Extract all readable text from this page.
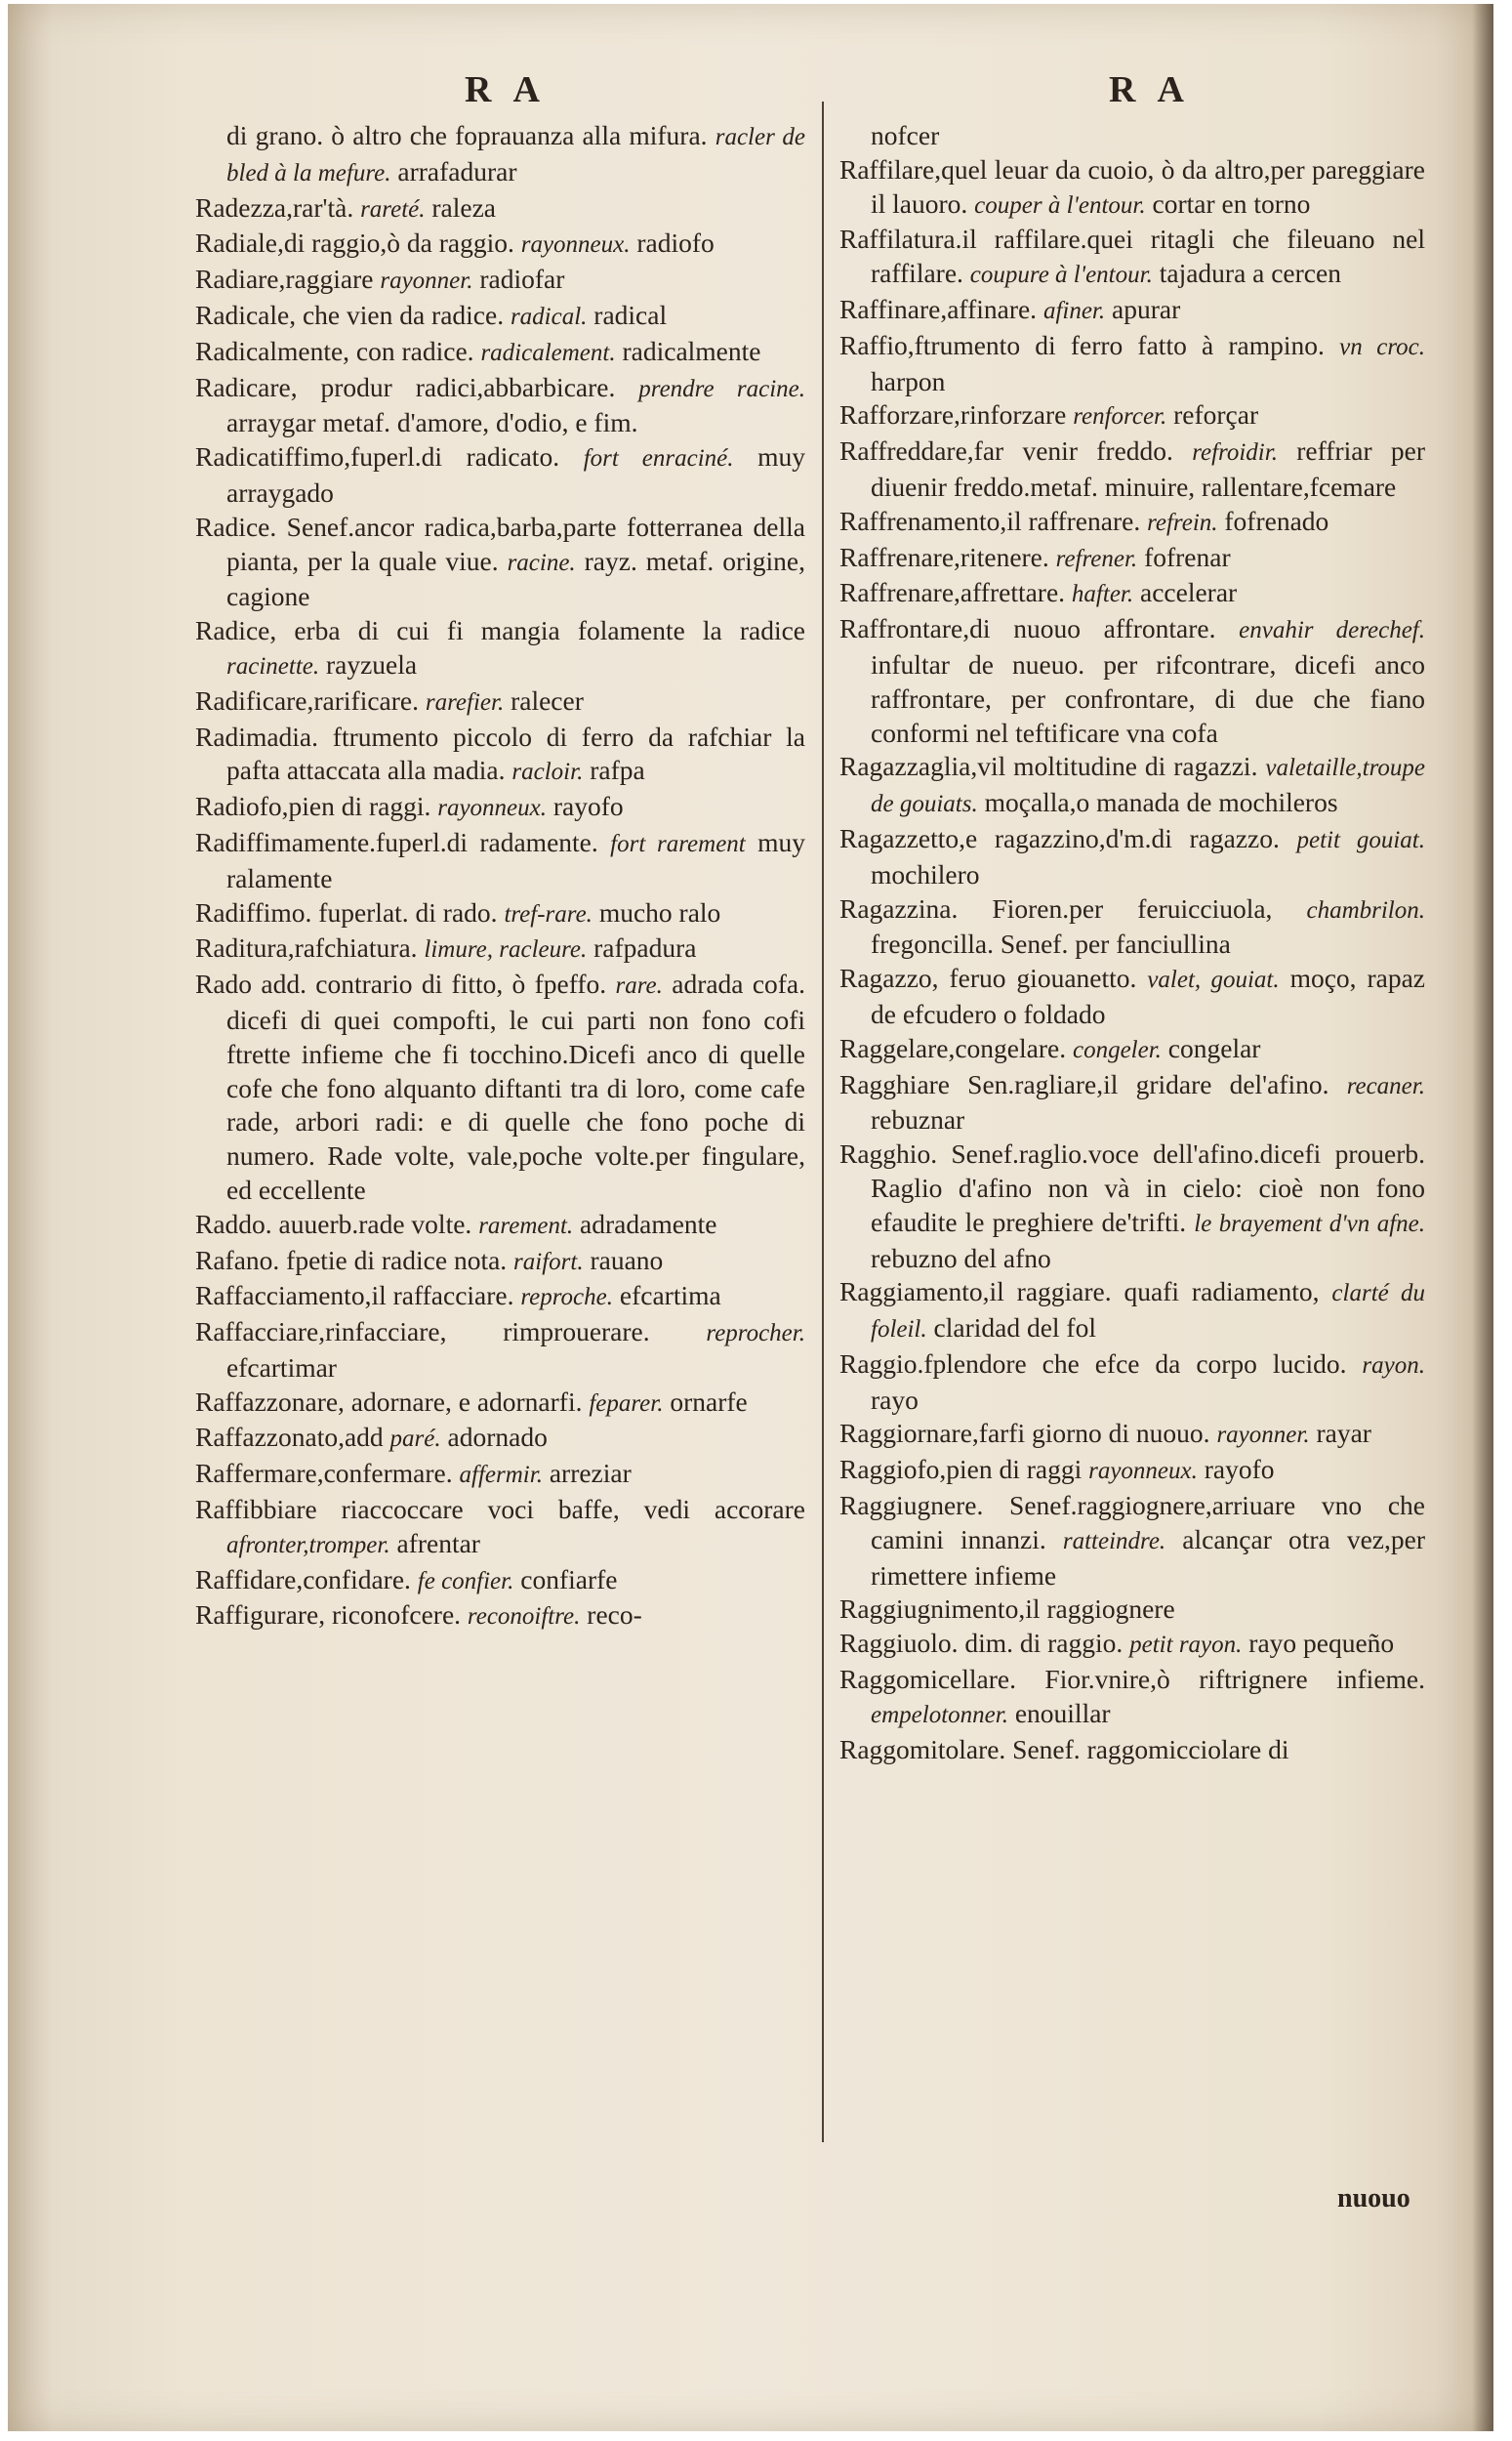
RA	RA
di grano. ò altro che foprauanza alla mifura. racler de bled à la mefure. arrafadurar
Radezza,rar'tà. rareté. raleza
Radiale,di raggio,ò da raggio. rayonneux. radiofo
Radiare,raggiare rayonner. radiofar
Radicale, che vien da radice. radical. radical
Radicalmente, con radice. radicalement. radicalmente
Radicare, produr radici,abbarbicare. prendre racine. arraygar metaf. d'amore, d'odio, e fim.
Radicatiffimo,fuperl.di radicato. fort enraciné. muy arraygado
Radice. Senef.ancor radica,barba,parte fotterranea della pianta, per la quale viue. racine. rayz. metaf. origine, cagione
Radice, erba di cui fi mangia folamente la radice racinette. rayzuela
Radificare,rarificare. rarefier. ralecer
Radimadia. ftrumento piccolo di ferro da rafchiar la pafta attaccata alla madia. racloir. rafpa
Radiofo,pien di raggi. rayonneux. rayofo
Radiffimamente.fuperl.di radamente. fort rarement muy ralamente
Radiffimo. fuperlat. di rado. tref-rare. mucho ralo
Raditura,rafchiatura. limure, racleure. rafpadura
Rado add. contrario di fitto, ò fpeffo. rare. adrada cofa. dicefi di quei compofti, le cui parti non fono cofi ftrette infieme che fi tocchino.Dicefi anco di quelle cofe che fono alquanto diftanti tra di loro, come cafe rade, arbori radi: e di quelle che fono poche di numero. Rade volte, vale,poche volte.per fingulare, ed eccellente
Raddo. auuerb.rade volte. rarement. adradamente
Rafano. fpetie di radice nota. raifort. rauano
Raffacciamento,il raffacciare. reproche. efcartima
Raffacciare,rinfacciare, rimprouerare. reprocher. efcartimar
Raffazzonare, adornare, e adornarfi. feparer. ornarfe
Raffazzonato,add paré. adornado
Raffermare,confermare. affermir. arreziar
Raffibbiare riaccoccare voci baffe, vedi accorare afronter,tromper. afrentar
Raffidare,confidare. fe confier. confiarfe
Raffigurare, riconofcere. reconoiftre. reco-
nofcer
Raffilare,quel leuar da cuoio, ò da altro,per pareggiare il lauoro. couper à l'entour. cortar en torno
Raffilatura.il raffilare.quei ritagli che fileuano nel raffilare. coupure à l'entour. tajadura a cercen
Raffinare,affinare. afiner. apurar
Raffio,ftrumento di ferro fatto à rampino. vn croc. harpon
Rafforzare,rinforzare renforcer. reforçar
Raffreddare,far venir freddo. refroidir. reffriar per diuenir freddo.metaf. minuire, rallentare,fcemare
Raffrenamento,il raffrenare. refrein. fofrenado
Raffrenare,ritenere. refrener. fofrenar
Raffrenare,affrettare. hafter. accelerar
Raffrontare,di nuouo affrontare. envahir derechef. infultar de nueuo. per rifcontrare, dicefi anco raffrontare, per confrontare, di due che fiano conformi nel teftificare vna cofa
Ragazzaglia,vil moltitudine di ragazzi. valetaille,troupe de gouiats. moçalla,o manada de mochileros
Ragazzetto,e ragazzino,d'm.di ragazzo. petit gouiat. mochilero
Ragazzina. Fioren.per feruicciuola, chambrilon. fregoncilla. Senef. per fanciullina
Ragazzo, feruo giouanetto. valet, gouiat. moço, rapaz de efcudero o foldado
Raggelare,congelare. congeler. congelar
Ragghiare Sen.ragliare,il gridare del'afino. recaner. rebuznar
Ragghio. Senef.raglio.voce dell'afino.dicefi prouerb. Raglio d'afino non và in cielo: cioè non fono efaudite le preghiere de'trifti. le brayement d'vn afne. rebuzno del afno
Raggiamento,il raggiare. quafi radiamento, clarté du foleil. claridad del fol
Raggio.fplendore che efce da corpo lucido. rayon. rayo
Raggiornare,farfi giorno di nuouo. rayonner. rayar
Raggiofo,pien di raggi rayonneux. rayofo
Raggiugnere. Senef.raggiognere,arriuare vno che camini innanzi. ratteindre. alcançar otra vez,per rimettere infieme
Raggiugnimento,il raggiognere
Raggiuolo. dim. di raggio. petit rayon. rayo pequeño
Raggomicellare. Fior.vnire,ò riftrignere infieme. empelotonner. enouillar
Raggomitolare. Senef. raggomicciolare di
nuouo
